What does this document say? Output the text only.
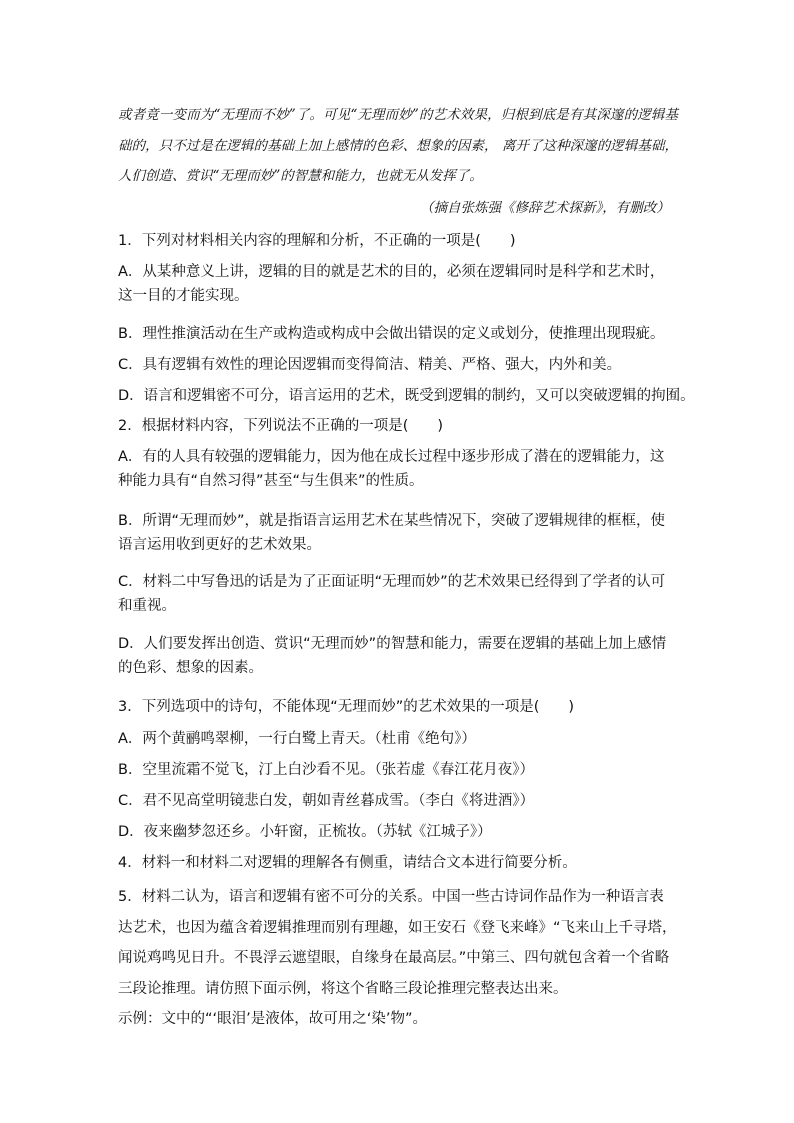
或者竟一变而为“无理而不妙”了。可见“无理而妙”的艺术效果，归根到底是有其深邃的逻辑基础的，只不过是在逻辑的基础上加上感情的色彩、想象的因素， 离开了这种深邃的逻辑基础，人们创造、赏识“无理而妙”的智慧和能力，也就无从发挥了。
（摘自张炼强《修辞艺术探新》，有删改）
1．下列对材料相关内容的理解和分析，不正确的一项是(　　)
A．从某种意义上讲，逻辑的目的就是艺术的目的，必须在逻辑同时是科学和艺术时，这一目的才能实现。
B．理性推演活动在生产或构造或构成中会做出错误的定义或划分，使推理出现瑕疵。
C．具有逻辑有效性的理论因逻辑而变得简洁、精美、严格、强大，内外和美。
D．语言和逻辑密不可分，语言运用的艺术，既受到逻辑的制约，又可以突破逻辑的拘囿。
2．根据材料内容，下列说法不正确的一项是(　　)
A．有的人具有较强的逻辑能力，因为他在成长过程中逐步形成了潜在的逻辑能力，这种能力具有“自然习得”甚至“与生俱来”的性质。
B．所谓“无理而妙”，就是指语言运用艺术在某些情况下，突破了逻辑规律的框框，使语言运用收到更好的艺术效果。
C．材料二中写鲁迅的话是为了正面证明“无理而妙”的艺术效果已经得到了学者的认可和重视。
D．人们要发挥出创造、赏识“无理而妙”的智慧和能力，需要在逻辑的基础上加上感情的色彩、想象的因素。
3．下列选项中的诗句，不能体现“无理而妙”的艺术效果的一项是(　　)
A．两个黄鹂鸣翠柳，一行白鹭上青天。（杜甫《绝句》）
B．空里流霜不觉飞，汀上白沙看不见。（张若虚《春江花月夜》）
C．君不见高堂明镜悲白发，朝如青丝暮成雪。（李白《将进酒》）
D．夜来幽梦忽还乡。小轩窗，正梳妆。（苏轼《江城子》）
4．材料一和材料二对逻辑的理解各有侧重，请结合文本进行简要分析。
5．材料二认为，语言和逻辑有密不可分的关系。中国一些古诗词作品作为一种语言表达艺术，也因为蕴含着逻辑推理而别有理趣，如王安石《登飞来峰》“飞来山上千寻塔，闻说鸡鸣见日升。不畏浮云遮望眼，自缘身在最高层。”中第三、四句就包含着一个省略三段论推理。请仿照下面示例，将这个省略三段论推理完整表达出来。
示例：文中的“‘眼泪’是液体，故可用之‘染’物”。
